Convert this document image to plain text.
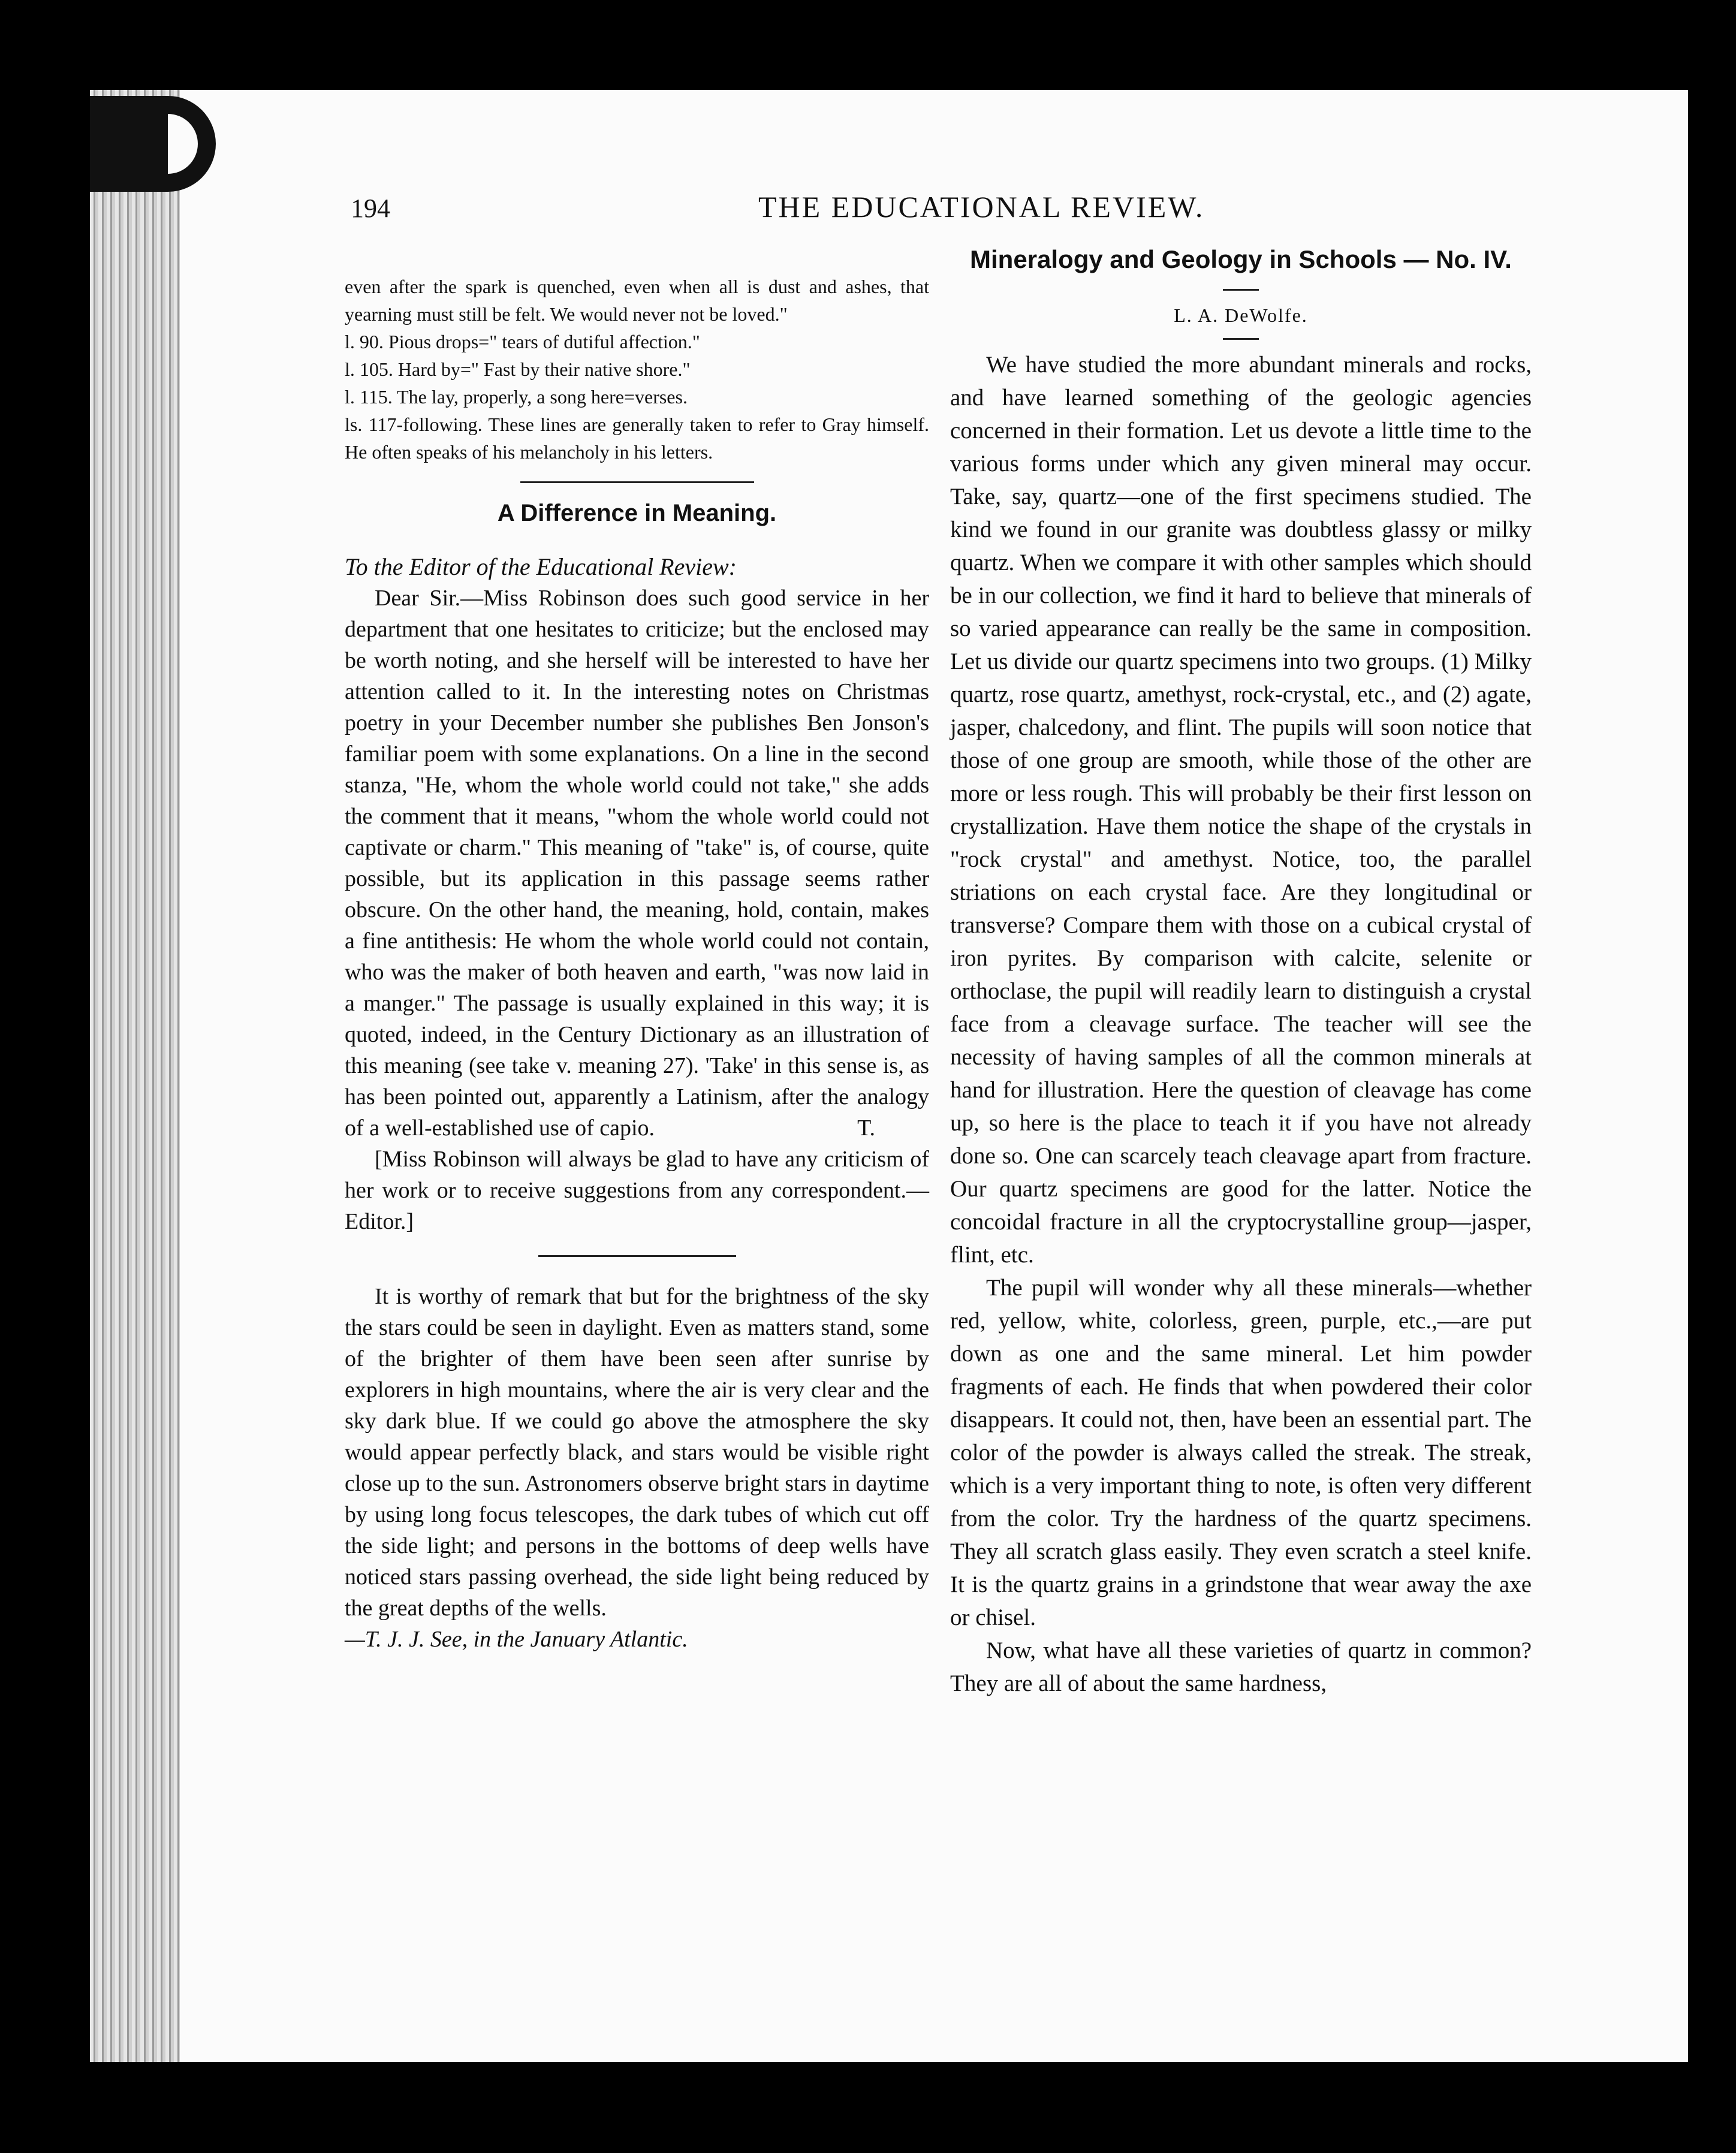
194	THE EDUCATIONAL REVIEW.

even after the spark is quenched, even when all is dust and ashes, that yearning must still be felt. We would never not be loved."

l. 90. Pious drops=" tears of dutiful affection."

l. 105. Hard by=" Fast by their native shore."

l. 115. The lay, properly, a song here=verses.

ls. 117-following. These lines are generally taken to refer to Gray himself. He often speaks of his melancholy in his letters.

A Difference in Meaning.

To the Editor of the Educational Review:

Dear Sir.—Miss Robinson does such good service in her department that one hesitates to criticize; but the enclosed may be worth noting, and she herself will be interested to have her attention called to it. In the interesting notes on Christmas poetry in your December number she publishes Ben Jonson's familiar poem with some explanations. On a line in the second stanza, "He, whom the whole world could not take," she adds the comment that it means, "whom the whole world could not captivate or charm." This meaning of "take" is, of course, quite possible, but its application in this passage seems rather obscure. On the other hand, the meaning, hold, contain, makes a fine antithesis: He whom the whole world could not contain, who was the maker of both heaven and earth, "was now laid in a manger." The passage is usually explained in this way; it is quoted, indeed, in the Century Dictionary as an illustration of this meaning (see take v. meaning 27). 'Take' in this sense is, as has been pointed out, apparently a Latinism, after the analogy of a well-established use of capio.	T.

[Miss Robinson will always be glad to have any criticism of her work or to receive suggestions from any correspondent.—Editor.]

It is worthy of remark that but for the brightness of the sky the stars could be seen in daylight. Even as matters stand, some of the brighter of them have been seen after sunrise by explorers in high mountains, where the air is very clear and the sky dark blue. If we could go above the atmosphere the sky would appear perfectly black, and stars would be visible right close up to the sun. Astronomers observe bright stars in daytime by using long focus telescopes, the dark tubes of which cut off the side light; and persons in the bottoms of deep wells have noticed stars passing overhead, the side light being reduced by the great depths of the wells.

—T. J. J. See, in the January Atlantic.

Mineralogy and Geology in Schools — No. IV.
L. A. DeWolfe.

We have studied the more abundant minerals and rocks, and have learned something of the geologic agencies concerned in their formation. Let us devote a little time to the various forms under which any given mineral may occur. Take, say, quartz—one of the first specimens studied. The kind we found in our granite was doubtless glassy or milky quartz. When we compare it with other samples which should be in our collection, we find it hard to believe that minerals of so varied appearance can really be the same in composition. Let us divide our quartz specimens into two groups. (1) Milky quartz, rose quartz, amethyst, rock-crystal, etc., and (2) agate, jasper, chalcedony, and flint. The pupils will soon notice that those of one group are smooth, while those of the other are more or less rough. This will probably be their first lesson on crystallization. Have them notice the shape of the crystals in "rock crystal" and amethyst. Notice, too, the parallel striations on each crystal face. Are they longitudinal or transverse? Compare them with those on a cubical crystal of iron pyrites. By comparison with calcite, selenite or orthoclase, the pupil will readily learn to distinguish a crystal face from a cleavage surface. The teacher will see the necessity of having samples of all the common minerals at hand for illustration. Here the question of cleavage has come up, so here is the place to teach it if you have not already done so. One can scarcely teach cleavage apart from fracture. Our quartz specimens are good for the latter. Notice the concoidal fracture in all the cryptocrystalline group—jasper, flint, etc.

The pupil will wonder why all these minerals—whether red, yellow, white, colorless, green, purple, etc.,—are put down as one and the same mineral. Let him powder fragments of each. He finds that when powdered their color disappears. It could not, then, have been an essential part. The color of the powder is always called the streak. The streak, which is a very important thing to note, is often very different from the color. Try the hardness of the quartz specimens. They all scratch glass easily. They even scratch a steel knife. It is the quartz grains in a grindstone that wear away the axe or chisel.

Now, what have all these varieties of quartz in common? They are all of about the same hardness,
